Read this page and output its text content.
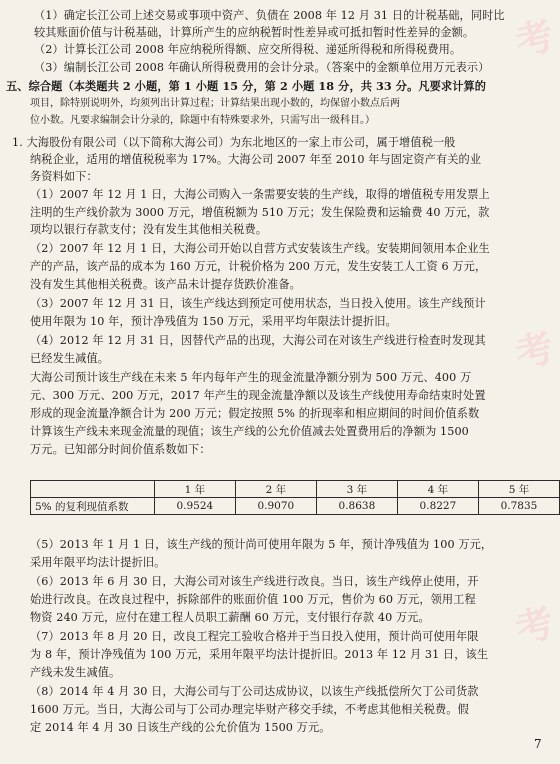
（1）确定长江公司上述交易或事项中资产、负债在 2008 年 12 月 31 日的计税基础，同时比
较其账面价值与计税基础，计算所产生的应纳税暂时性差异或可抵扣暂时性差异的金额。
（2）计算长江公司 2008 年应纳税所得额、应交所得税、递延所得税和所得税费用。
（3）编制长江公司 2008 年确认所得税费用的会计分录。（答案中的金额单位用万元表示）
五、综合题（本类题共 2 小题，第 1 小题 15 分，第 2 小题 18 分，共 33 分。凡要求计算的
项目，除特别说明外，均须列出计算过程；计算结果出现小数的，均保留小数点后两
位小数。凡要求编制会计分录的，除题中有特殊要求外，只需写出一级科目。）
1. 大海股份有限公司（以下简称大海公司）为东北地区的一家上市公司，属于增值税一般
纳税企业，适用的增值税税率为 17%。大海公司 2007 年至 2010 年与固定资产有关的业
务资料如下：
（1）2007 年 12 月 1 日，大海公司购入一条需要安装的生产线，取得的增值税专用发票上
注明的生产线价款为 3000 万元，增值税额为 510 万元；发生保险费和运输费 40 万元，款
项均以银行存款支付；没有发生其他相关税费。
（2）2007 年 12 月 1 日，大海公司开始以自营方式安装该生产线。安装期间领用本企业生
产的产品，该产品的成本为 160 万元，计税价格为 200 万元，发生安装工人工资 6 万元，
没有发生其他相关税费。该产品未计提存货跌价准备。
（3）2007 年 12 月 31 日，该生产线达到预定可使用状态，当日投入使用。该生产线预计
使用年限为 10 年，预计净残值为 150 万元，采用平均年限法计提折旧。
（4）2012 年 12 月 31 日，因替代产品的出现，大海公司在对该生产线进行检查时发现其
已经发生减值。
大海公司预计该生产线在未来 5 年内每年产生的现金流量净额分别为 500 万元、400 万
元、300 万元、200 万元，2017 年产生的现金流量净额以及该生产线使用寿命结束时处置
形成的现金流量净额合计为 200 万元；假定按照 5% 的折现率和相应期间的时间价值系数
计算该生产线未来现金流量的现值；该生产线的公允价值减去处置费用后的净额为 1500
万元。已知部分时间价值系数如下：
（5）2013 年 1 月 1 日，该生产线的预计尚可使用年限为 5 年，预计净残值为 100 万元，
采用年限平均法计提折旧。
（6）2013 年 6 月 30 日，大海公司对该生产线进行改良。当日，该生产线停止使用，开
始进行改良。在改良过程中，拆除部件的账面价值 100 万元，售价为 60 万元，领用工程
物资 240 万元，应付在建工程人员职工薪酬 60 万元，支付银行存款 40 万元。
（7）2013 年 8 月 20 日，改良工程完工验收合格并于当日投入使用，预计尚可使用年限
为 8 年，预计净残值为 100 万元，采用年限平均法计提折旧。2013 年 12 月 31 日，该生
产线未发生减值。
（8）2014 年 4 月 30 日，大海公司与丁公司达成协议，以该生产线抵偿所欠丁公司货款
1600 万元。当日，大海公司与丁公司办理完毕财产移交手续，不考虑其他相关税费。假
定 2014 年 4 月 30 日该生产线的公允价值为 1500 万元。
	1 年	2 年	3 年	4 年	5 年
5% 的复利现值系数	0.9524	0.9070	0.8638	0.8227	0.7835
考
考
考
7
